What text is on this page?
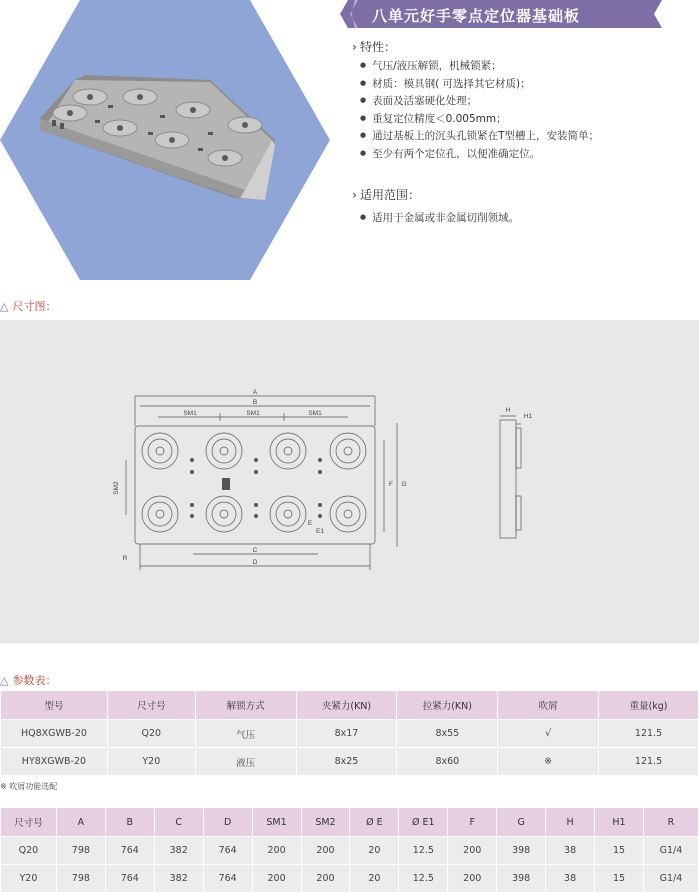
八单元好手零点定位器基础板
› 特性：
● 气压/液压解锁，机械锁紧；
● 材质：模具钢( 可选择其它材质)；
● 表面及活塞硬化处理；
● 重复定位精度＜0.005mm；
● 通过基板上的沉头孔锁紧在T型槽上，安装简单；
● 至少有两个定位孔，以便准确定位。
› 适用范围：
● 适用于金属或非金属切削领域。
△ 尺寸图：
A
B
SM1	SM1	SM1
C
D
R
SM2	F G
H
H1
E
E1
△ 参数表：
型号	尺寸号	解锁方式	夹紧力(KN)	拉紧力(KN)	吹屑	重量(kg)
HQ8XGWB-20	Q20	气压	8x17	8x55	√	121.5
HY8XGWB-20	Y20	液压	8x25	8x60	※	121.5
※ 吹屑功能选配
尺寸号	A	B	C	D	SM1	SM2	Ø E	Ø E1	F	G	H	H1	R
Q20	798	764	382	764	200	200	20	12.5	200	398	38	15	G1/4
Y20	798	764	382	764	200	200	20	12.5	200	398	38	15	G1/4
